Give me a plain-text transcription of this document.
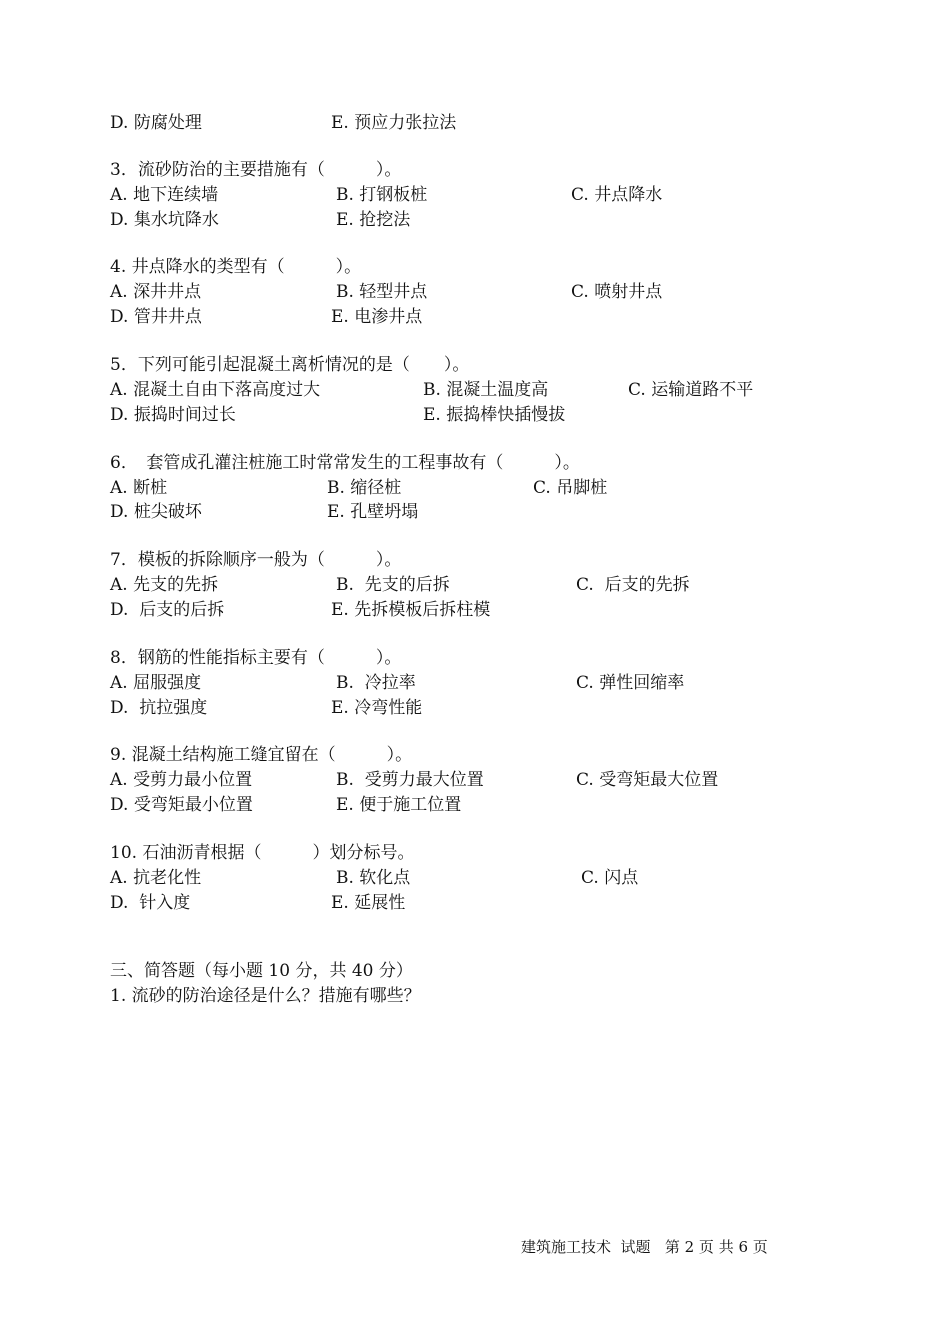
D. 防腐处理	E. 预应力张拉法
3．流砂防治的主要措施有（　　　）。
A. 地下连续墙	B. 打钢板桩	C. 井点降水
D. 集水坑降水	E. 抢挖法
4. 井点降水的类型有（　　　）。
A. 深井井点	B. 轻型井点	C. 喷射井点
D. 管井井点	E. 电渗井点
5．下列可能引起混凝土离析情况的是（　　）。
A. 混凝土自由下落高度过大	B. 混凝土温度高	C. 运输道路不平
D. 振捣时间过长	E. 振捣棒快插慢拔
6．　套管成孔灌注桩施工时常常发生的工程事故有（　　　）。
A. 断桩	B. 缩径桩	C. 吊脚桩
D. 桩尖破坏	E. 孔壁坍塌
7．模板的拆除顺序一般为（　　　）。
A. 先支的先拆	B.  先支的后拆	C.  后支的先拆
D.  后支的后拆	E. 先拆模板后拆柱模
8．钢筋的性能指标主要有（　　　）。
A. 屈服强度	B.  冷拉率	C. 弹性回缩率
D.  抗拉强度	E. 冷弯性能
9. 混凝土结构施工缝宜留在（　　　）。
A. 受剪力最小位置	B.  受剪力最大位置	C. 受弯矩最大位置
D. 受弯矩最小位置	E. 便于施工位置
10. 石油沥青根据（　　　）划分标号。
A. 抗老化性	B. 软化点	C. 闪点
D.  针入度	E. 延展性
三、简答题（每小题 10 分，共 40 分）
1. 流砂的防治途径是什么？措施有哪些？
建筑施工技术  试题   第 2 页 共 6 页
